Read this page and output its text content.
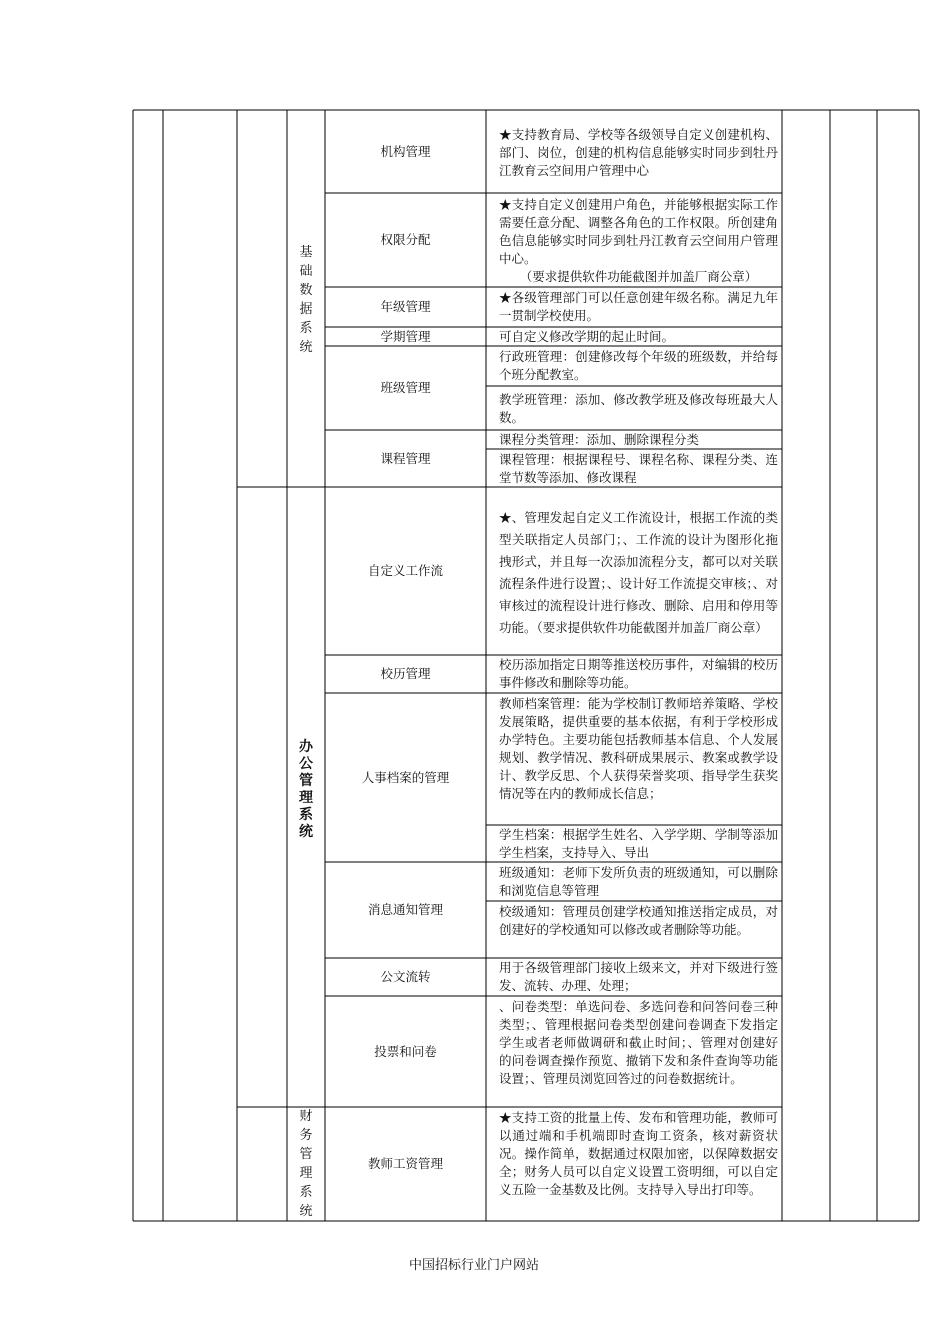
基
础
数
据
系
统
办
公
管
理
系
统
财
务
管
理
系
统
机构管理
权限分配
年级管理
学期管理
班级管理
课程管理
自定义工作流
校历管理
人事档案的管理
消息通知管理
公文流转
投票和问卷
教师工资管理
★支持教育局、学校等各级领导自定义创建机构、部门、岗位，创建的机构信息能够实时同步到牡丹江教育云空间用户管理中心
★支持自定义创建用户角色，并能够根据实际工作需要任意分配、调整各角色的工作权限。所创建角色信息能够实时同步到牡丹江教育云空间用户管理中心。
（要求提供软件功能截图并加盖厂商公章）
★各级管理部门可以任意创建年级名称。满足九年一贯制学校使用。
可自定义修改学期的起止时间。
行政班管理：创建修改每个年级的班级数，并给每个班分配教室。
教学班管理：添加、修改教学班及修改每班最大人数。
课程分类管理：添加、删除课程分类
课程管理：根据课程号、课程名称、课程分类、连堂节数等添加、修改课程
★、管理发起自定义工作流设计，根据工作流的类型关联指定人员部门；、工作流的设计为图形化拖拽形式，并且每一次添加流程分支，都可以对关联流程条件进行设置；、设计好工作流提交审核；、对审核过的流程设计进行修改、删除、启用和停用等功能。（要求提供软件功能截图并加盖厂商公章）
校历添加指定日期等推送校历事件，对编辑的校历事件修改和删除等功能。
教师档案管理：能为学校制订教师培养策略、学校发展策略，提供重要的基本依据，有利于学校形成办学特色。主要功能包括教师基本信息、个人发展规划、教学情况、教科研成果展示、教案或教学设计、教学反思、个人获得荣誉奖项、指导学生获奖情况等在内的教师成长信息；
学生档案：根据学生姓名、入学学期、学制等添加学生档案，支持导入、导出
班级通知：老师下发所负责的班级通知，可以删除和浏览信息等管理
校级通知：管理员创建学校通知推送指定成员，对创建好的学校通知可以修改或者删除等功能。
用于各级管理部门接收上级来文，并对下级进行签发、流转、办理、处理；
、问卷类型：单选问卷、多选问卷和问答问卷三种类型；、管理根据问卷类型创建问卷调查下发指定学生或者老师做调研和截止时间；、管理对创建好的问卷调查操作预览、撤销下发和条件查询等功能设置；、管理员浏览回答过的问卷数据统计。
★支持工资的批量上传、发布和管理功能，教师可以通过端和手机端即时查询工资条，核对薪资状况。操作简单，数据通过权限加密，以保障数据安全；财务人员可以自定义设置工资明细，可以自定义五险一金基数及比例。支持导入导出打印等。
中国招标行业门户网站
